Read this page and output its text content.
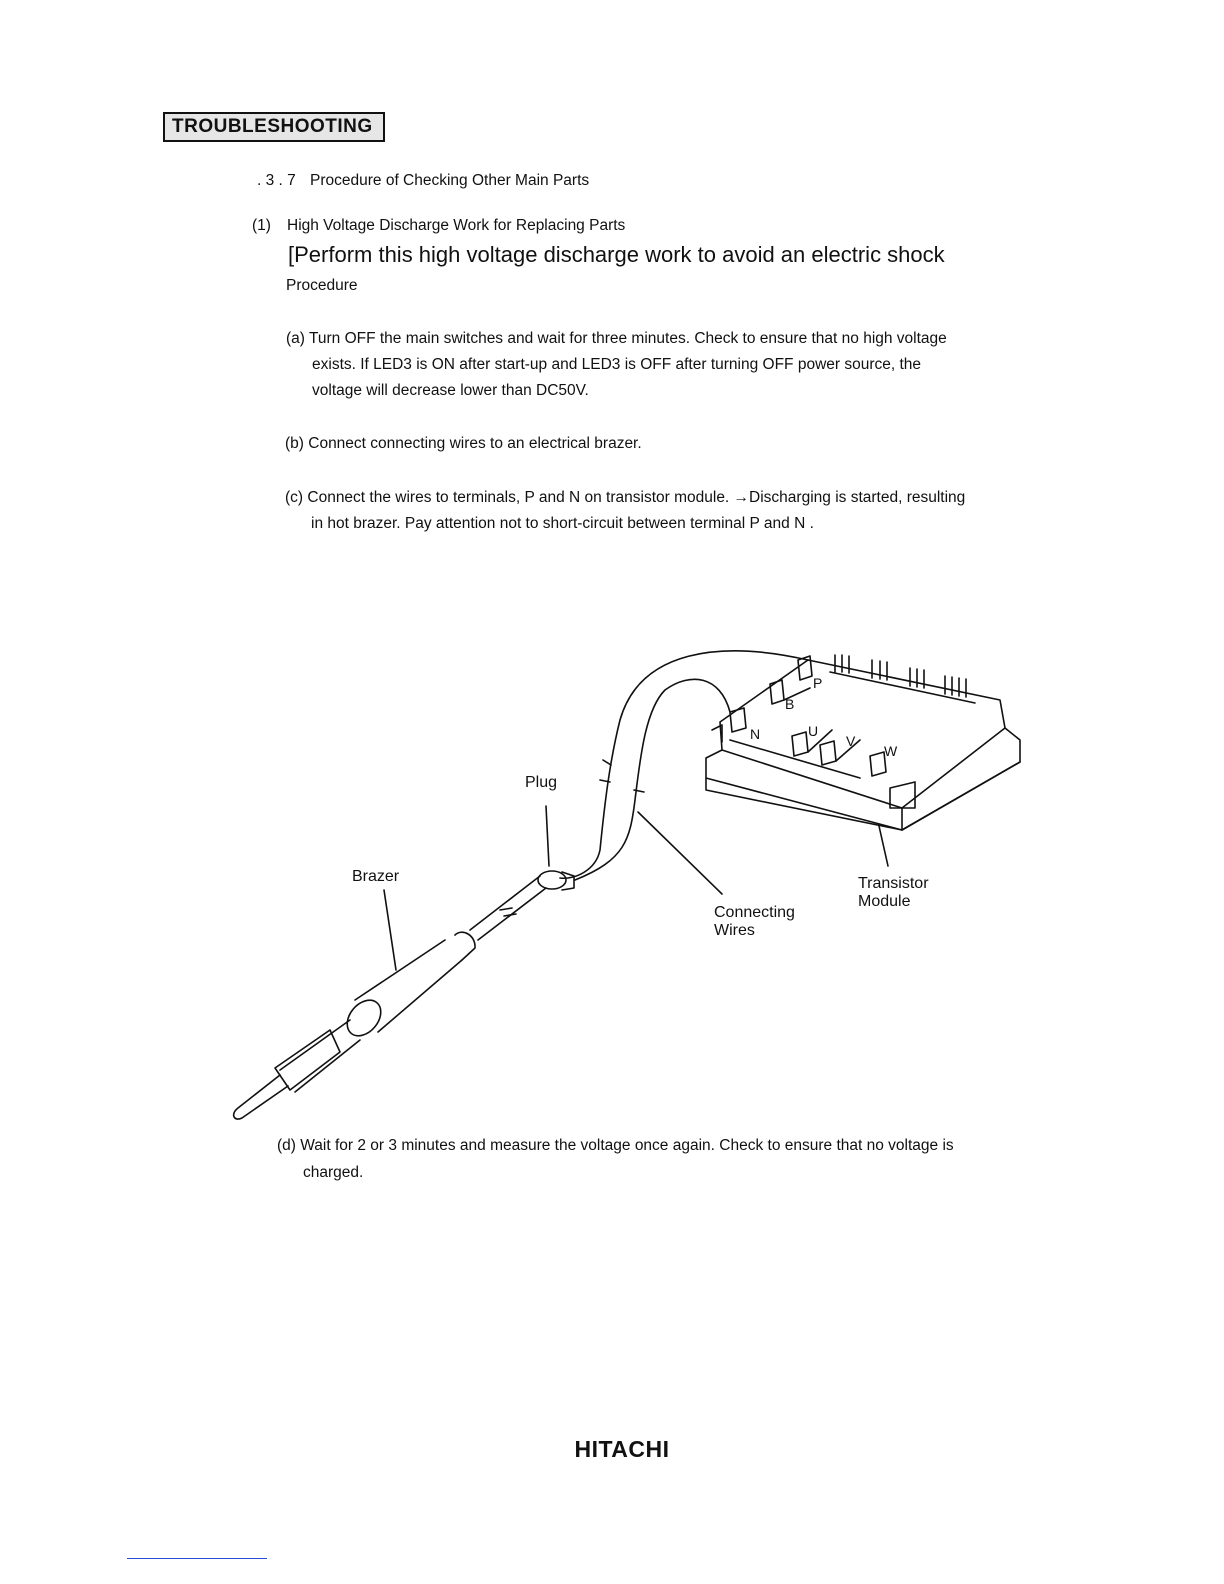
TROUBLESHOOTING
. 3 . 7 Procedure of Checking Other Main Parts
(1) High Voltage Discharge Work for Replacing Parts
[Perform this high voltage discharge work to avoid an electric shock
Procedure
(a) Turn OFF the main switches and wait for three minutes. Check to ensure that no high voltage
exists. If LED3 is ON after start-up and LED3 is OFF after turning OFF power source, the
voltage will decrease lower than DC50V.
(b) Connect connecting wires to an electrical brazer.
(c) Connect the wires to terminals, P and N on transistor module. →Discharging is started, resulting
in hot brazer. Pay attention not to short-circuit between terminal P and N .
P
B
N	U
V
W
Plug
Brazer
Connecting
Wires
Transistor
Module
(d) Wait for 2 or 3 minutes and measure the voltage once again. Check to ensure that no voltage is
charged.
HITACHI
